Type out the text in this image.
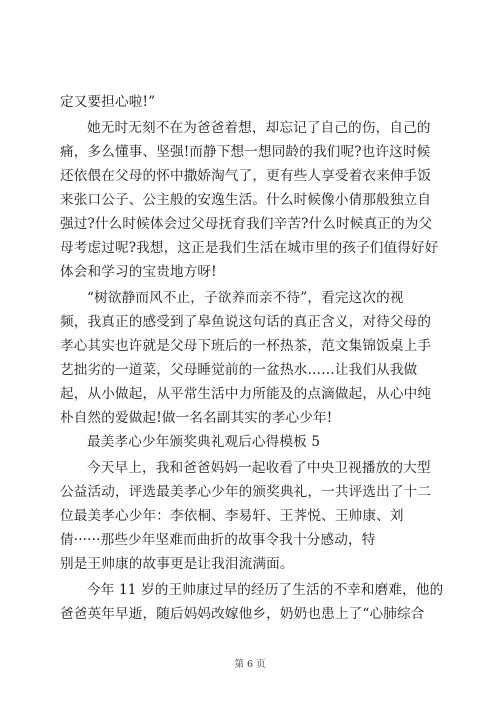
定又要担心啦!”
她无时无刻不在为爸爸着想，却忘记了自己的伤，自己的
痛，多么懂事、坚强!而静下想一想同龄的我们呢?也许这时候
还依偎在父母的怀中撒娇淘气了，更有些人享受着衣来伸手饭
来张口公子、公主般的安逸生活。什么时候像小倩那般独立自
强过?什么时候体会过父母抚育我们辛苦?什么时候真正的为父
母考虑过呢?我想，这正是我们生活在城市里的孩子们值得好好
体会和学习的宝贵地方呀!
“树欲静而风不止，子欲养而亲不待”，看完这次的视
频，我真正的感受到了皋鱼说这句话的真正含义，对待父母的
孝心其实也许就是父母下班后的一杯热茶，范文集锦饭桌上手
艺拙劣的一道菜，父母睡觉前的一盆热水……让我们从我做
起，从小做起，从平常生活中力所能及的点滴做起，从心中纯
朴自然的爱做起!做一名名副其实的孝心少年!
最美孝心少年颁奖典礼观后心得模板 5
今天早上，我和爸爸妈妈一起收看了中央卫视播放的大型
公益活动，评选最美孝心少年的颁奖典礼，一共评选出了十二
位最美孝心少年：李依桐、李易轩、王荠悦、王帅康、刘
倩······那些少年坚难而曲折的故事令我十分感动，特
别是王帅康的故事更是让我泪流满面。
今年 11 岁的王帅康过早的经历了生活的不幸和磨难，他的
爸爸英年早逝，随后妈妈改嫁他乡，奶奶也患上了“心肺综合
第 6 页
